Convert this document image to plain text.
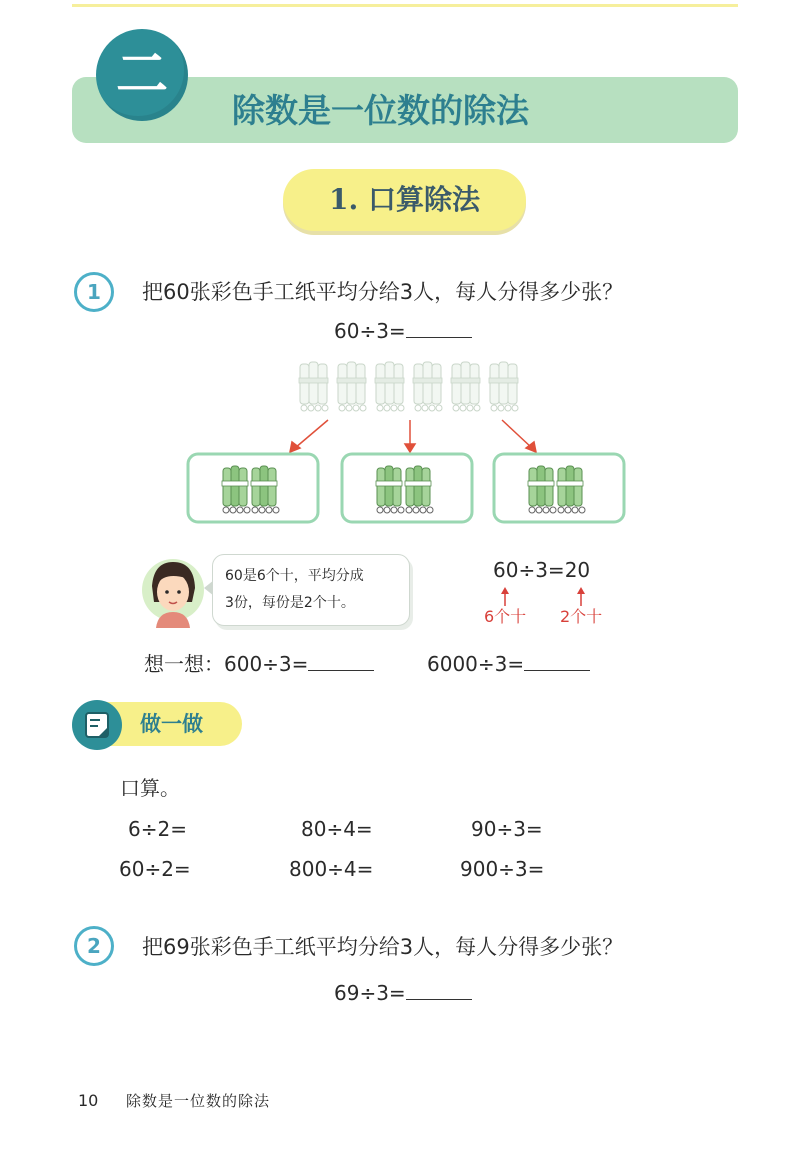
二
除数是一位数的除法
1. 口算除法
1	把60张彩色手工纸平均分给3人，每人分得多少张？
60÷3=
60是6个十，平均分成
3份，每份是2个十。
60÷3=20
6个十 2个十
想一想：600÷3=	6000÷3=
做一做
口算。
6÷2=	80÷4=	90÷3=
60÷2=	800÷4=	900÷3=
2	把69张彩色手工纸平均分给3人，每人分得多少张？
69÷3=
10 除数是一位数的除法
